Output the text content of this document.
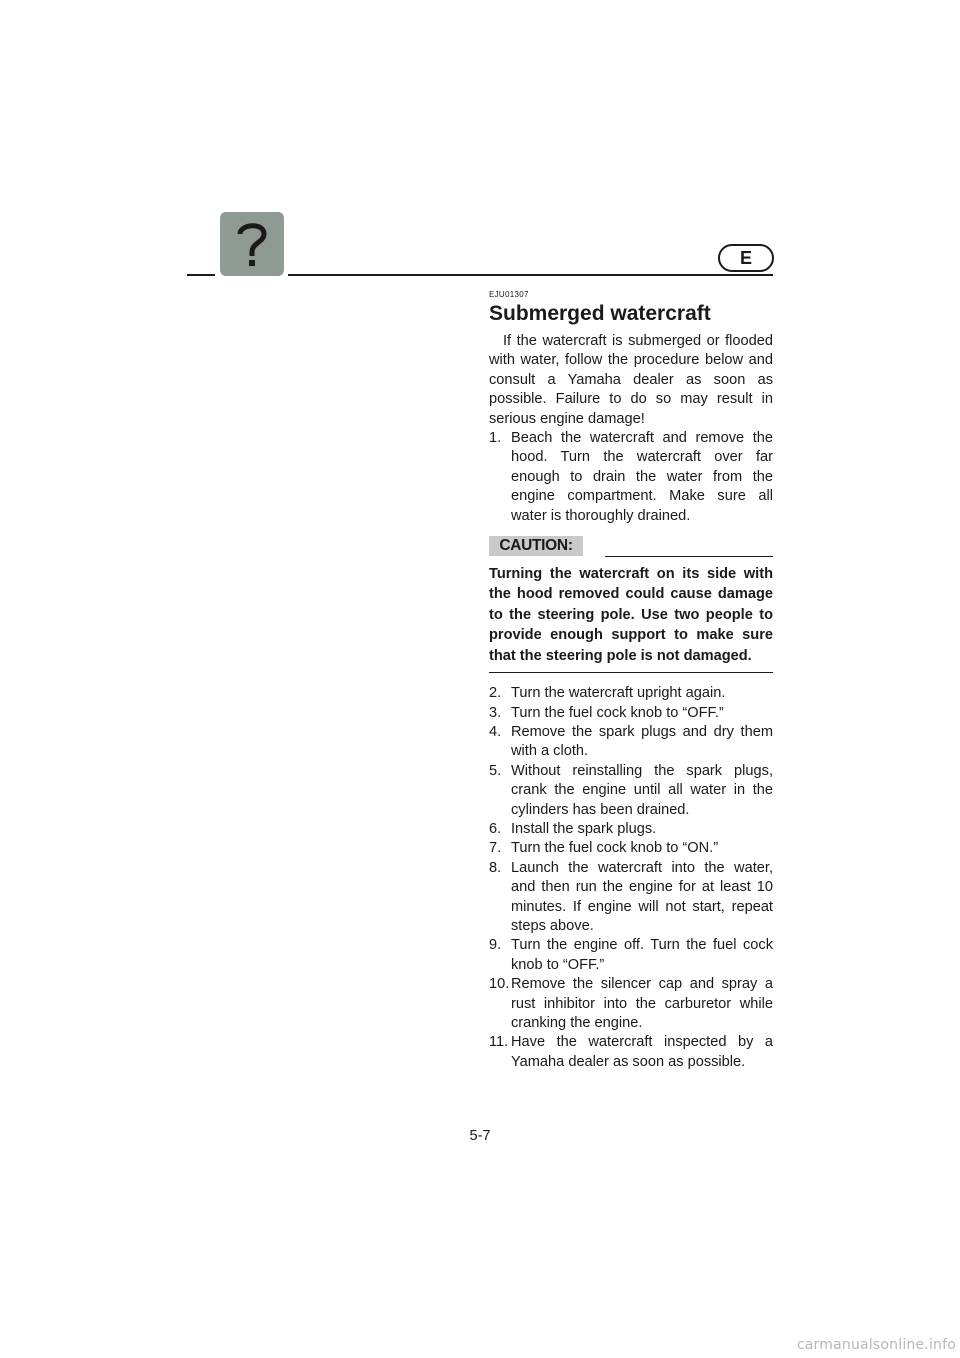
E
EJU01307
Submerged watercraft

If the watercraft is submerged or flooded with water, follow the procedure below and consult a Yamaha dealer as soon as possible. Failure to do so may result in serious engine damage!

1. Beach the watercraft and remove the hood. Turn the watercraft over far enough to drain the water from the engine compartment. Make sure all water is thoroughly drained.
CAUTION:

Turning the watercraft on its side with the hood removed could cause damage to the steering pole. Use two people to provide enough support to make sure that the steering pole is not damaged.

2. Turn the watercraft upright again.
3. Turn the fuel cock knob to “OFF.”
4. Remove the spark plugs and dry them with a cloth.
5. Without reinstalling the spark plugs, crank the engine until all water in the cylinders has been drained.
6. Install the spark plugs.
7. Turn the fuel cock knob to “ON.”
8. Launch the watercraft into the water, and then run the engine for at least 10 minutes. If engine will not start, repeat steps above.
9. Turn the engine off. Turn the fuel cock knob to “OFF.”
10. Remove the silencer cap and spray a rust inhibitor into the carburetor while cranking the engine.
11. Have the watercraft inspected by a Yamaha dealer as soon as possible.
5-7
carmanualsonline.info
